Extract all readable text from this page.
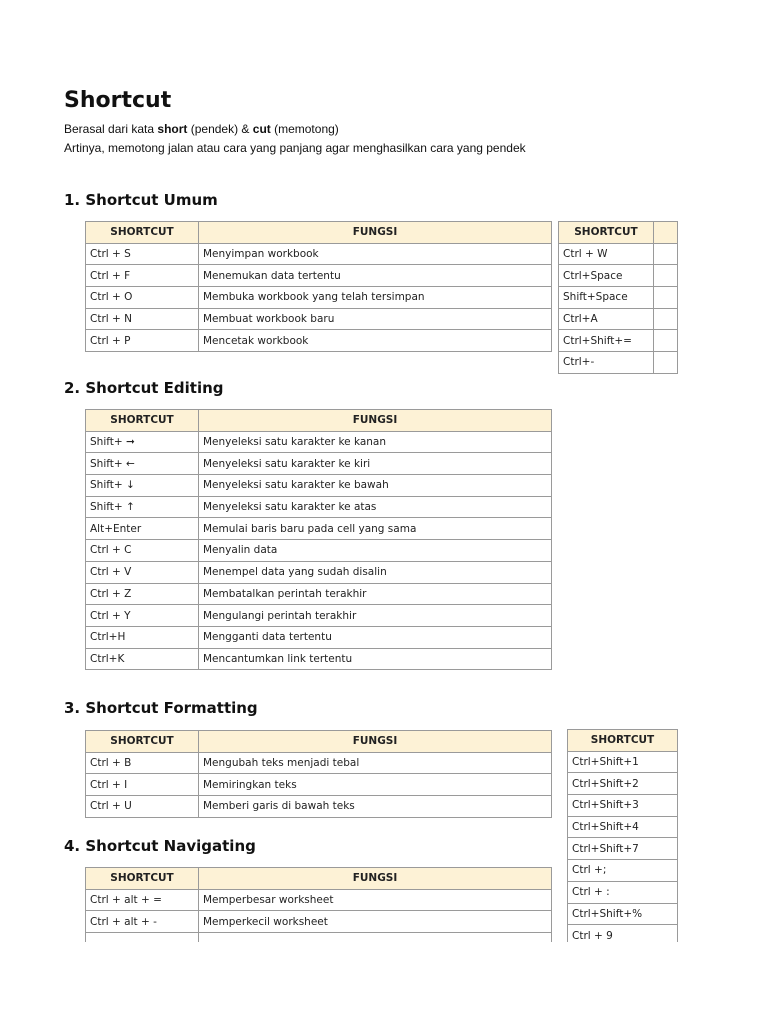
Shortcut
Berasal dari kata short (pendek) & cut (memotong)
Artinya, memotong jalan atau cara yang panjang agar menghasilkan cara yang pendek
1. Shortcut Umum
SHORTCUT	FUNGSI
Ctrl + S	Menyimpan workbook
Ctrl + F	Menemukan data tertentu
Ctrl + O	Membuka workbook yang telah tersimpan
Ctrl + N	Membuat workbook baru
Ctrl + P	Mencetak workbook
SHORTCUT	
Ctrl + W	
Ctrl+Space	
Shift+Space	
Ctrl+A	
Ctrl+Shift+=	
Ctrl+-	
2. Shortcut Editing
SHORTCUT	FUNGSI
Shift+ ➞	Menyeleksi satu karakter ke kanan
Shift+ ←	Menyeleksi satu karakter ke kiri
Shift+ ↓	Menyeleksi satu karakter ke bawah
Shift+ ↑	Menyeleksi satu karakter ke atas
Alt+Enter	Memulai baris baru pada cell yang sama
Ctrl + C	Menyalin data
Ctrl + V	Menempel data yang sudah disalin
Ctrl + Z	Membatalkan perintah terakhir
Ctrl + Y	Mengulangi perintah terakhir
Ctrl+H	Mengganti data tertentu
Ctrl+K	Mencantumkan link tertentu
3. Shortcut Formatting
SHORTCUT	FUNGSI
Ctrl + B	Mengubah teks menjadi tebal
Ctrl + I	Memiringkan teks
Ctrl + U	Memberi garis di bawah teks
SHORTCUT
Ctrl+Shift+1
Ctrl+Shift+2
Ctrl+Shift+3
Ctrl+Shift+4
Ctrl+Shift+7
Ctrl +;
Ctrl + :
Ctrl+Shift+%
Ctrl + 9
4. Shortcut Navigating
SHORTCUT	FUNGSI
Ctrl + alt + =	Memperbesar worksheet
Ctrl + alt + -	Memperkecil worksheet
